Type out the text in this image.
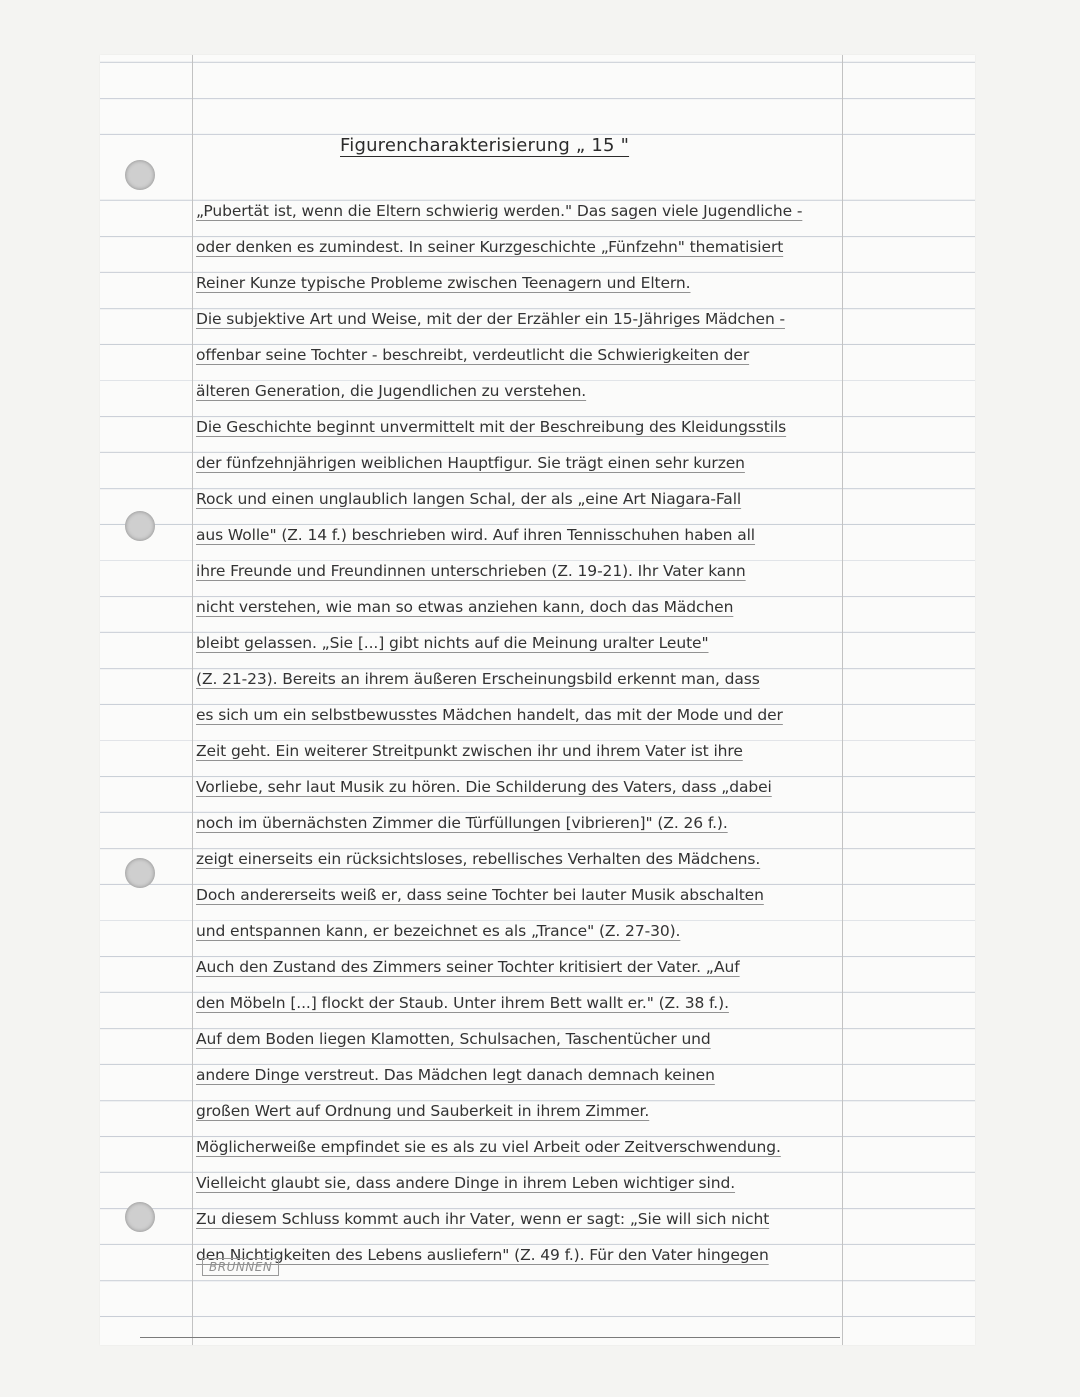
Figurencharakterisierung „ 15 "
„Pubertät ist, wenn die Eltern schwierig werden." Das sagen viele Jugendliche -
oder denken es zumindest. In seiner Kurzgeschichte „Fünfzehn" thematisiert
Reiner Kunze typische Probleme zwischen Teenagern und Eltern.
Die subjektive Art und Weise, mit der der Erzähler ein 15-Jähriges Mädchen -
offenbar seine Tochter - beschreibt, verdeutlicht die Schwierigkeiten der
älteren Generation, die Jugendlichen zu verstehen.
Die Geschichte beginnt unvermittelt mit der Beschreibung des Kleidungsstils
der fünfzehnjährigen weiblichen Hauptfigur. Sie trägt einen sehr kurzen
Rock und einen unglaublich langen Schal, der als „eine Art Niagara-Fall
aus Wolle" (Z. 14 f.) beschrieben wird. Auf ihren Tennisschuhen haben all
ihre Freunde und Freundinnen unterschrieben (Z. 19-21). Ihr Vater kann
nicht verstehen, wie man so etwas anziehen kann, doch das Mädchen
bleibt gelassen. „Sie [...] gibt nichts auf die Meinung uralter Leute"
(Z. 21-23). Bereits an ihrem äußeren Erscheinungsbild erkennt man, dass
es sich um ein selbstbewusstes Mädchen handelt, das mit der Mode und der
Zeit geht. Ein weiterer Streitpunkt zwischen ihr und ihrem Vater ist ihre
Vorliebe, sehr laut Musik zu hören. Die Schilderung des Vaters, dass „dabei
noch im übernächsten Zimmer die Türfüllungen [vibrieren]" (Z. 26 f.).
zeigt einerseits ein rücksichtsloses, rebellisches Verhalten des Mädchens.
Doch andererseits weiß er, dass seine Tochter bei lauter Musik abschalten
und entspannen kann, er bezeichnet es als „Trance" (Z. 27-30).
Auch den Zustand des Zimmers seiner Tochter kritisiert der Vater. „Auf
den Möbeln [...] flockt der Staub. Unter ihrem Bett wallt er." (Z. 38 f.).
Auf dem Boden liegen Klamotten, Schulsachen, Taschentücher und
andere Dinge verstreut. Das Mädchen legt danach demnach keinen
großen Wert auf Ordnung und Sauberkeit in ihrem Zimmer.
Möglicherweiße empfindet sie es als zu viel Arbeit oder Zeitverschwendung.
Vielleicht glaubt sie, dass andere Dinge in ihrem Leben wichtiger sind.
Zu diesem Schluss kommt auch ihr Vater, wenn er sagt: „Sie will sich nicht
den Nichtigkeiten des Lebens ausliefern" (Z. 49 f.). Für den Vater hingegen
BRUNNEN
